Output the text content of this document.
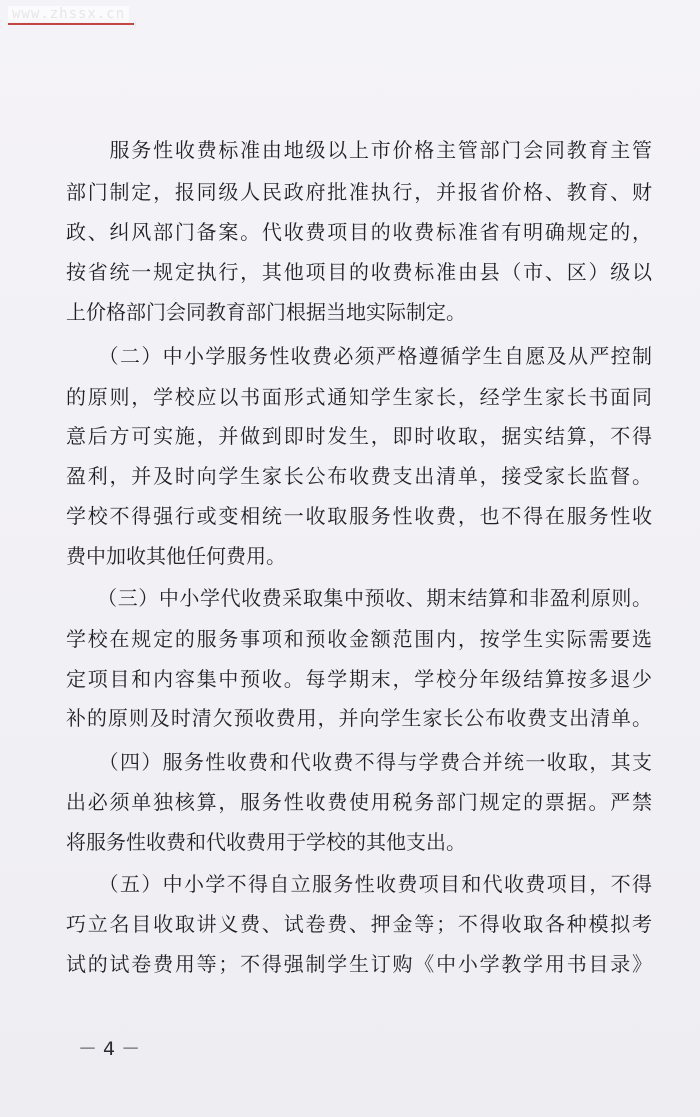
www.zhssx.cn
　　服务性收费标准由地级以上市价格主管部门会同教育主管
部门制定，报同级人民政府批准执行，并报省价格、教育、财
政、纠风部门备案。代收费项目的收费标准省有明确规定的，
按省统一规定执行，其他项目的收费标准由县（市、区）级以
上价格部门会同教育部门根据当地实际制定。
　　（二）中小学服务性收费必须严格遵循学生自愿及从严控制
的原则，学校应以书面形式通知学生家长，经学生家长书面同
意后方可实施，并做到即时发生，即时收取，据实结算，不得
盈利，并及时向学生家长公布收费支出清单，接受家长监督。
学校不得强行或变相统一收取服务性收费，也不得在服务性收
费中加收其他任何费用。
　　（三）中小学代收费采取集中预收、期末结算和非盈利原则。
学校在规定的服务事项和预收金额范围内，按学生实际需要选
定项目和内容集中预收。每学期末，学校分年级结算按多退少
补的原则及时清欠预收费用，并向学生家长公布收费支出清单。
　　（四）服务性收费和代收费不得与学费合并统一收取，其支
出必须单独核算，服务性收费使用税务部门规定的票据。严禁
将服务性收费和代收费用于学校的其他支出。
　　（五）中小学不得自立服务性收费项目和代收费项目，不得
巧立名目收取讲义费、试卷费、押金等；不得收取各种模拟考
试的试卷费用等；不得强制学生订购《中小学教学用书目录》
－ 4 －
